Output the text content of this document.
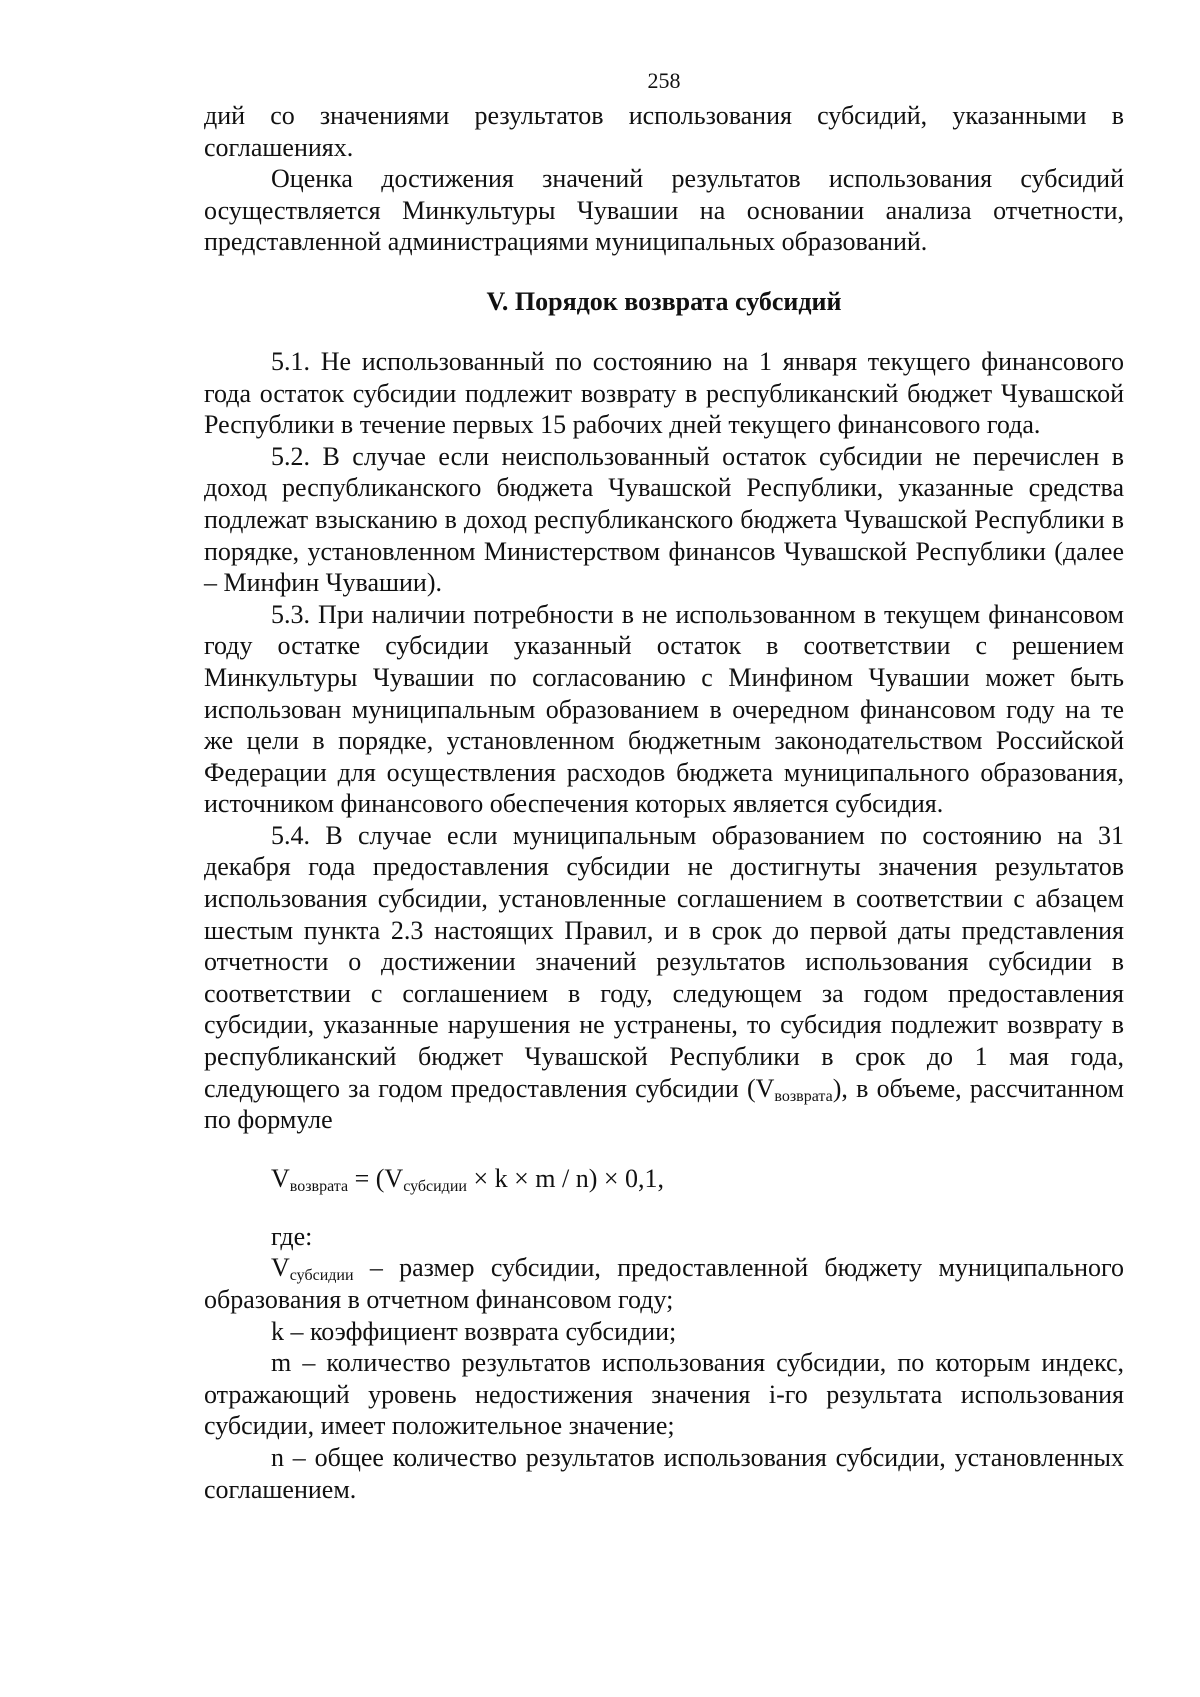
258

дий со значениями результатов использования субсидий, указанными в соглашениях.

Оценка достижения значений результатов использования субсидий осуществляется Минкультуры Чувашии на основании анализа отчетности, представленной администрациями муниципальных образований.

V. Порядок возврата субсидий

5.1. Не использованный по состоянию на 1 января текущего финансового года остаток субсидии подлежит возврату в республиканский бюджет Чувашской Республики в течение первых 15 рабочих дней текущего финансового года.

5.2. В случае если неиспользованный остаток субсидии не перечислен в доход республиканского бюджета Чувашской Республики, указанные средства подлежат взысканию в доход республиканского бюджета Чувашской Республики в порядке, установленном Министерством финансов Чувашской Республики (далее – Минфин Чувашии).

5.3. При наличии потребности в не использованном в текущем финансовом году остатке субсидии указанный остаток в соответствии с решением Минкультуры Чувашии по согласованию с Минфином Чувашии может быть использован муниципальным образованием в очередном финансовом году на те же цели в порядке, установленном бюджетным законодательством Российской Федерации для осуществления расходов бюджета муниципального образования, источником финансового обеспечения которых является субсидия.

5.4. В случае если муниципальным образованием по состоянию на 31 декабря года предоставления субсидии не достигнуты значения результатов использования субсидии, установленные соглашением в соответствии с абзацем шестым пункта 2.3 настоящих Правил, и в срок до первой даты представления отчетности о достижении значений результатов использования субсидии в соответствии с соглашением в году, следующем за годом предоставления субсидии, указанные нарушения не устранены, то субсидия подлежит возврату в республиканский бюджет Чувашской Республики в срок до 1 мая года, следующего за годом предоставления субсидии $(V_{возврата})$, в объеме, рассчитанном по формуле

$V_{возврата} = (V_{субсидии} \times k \times m / n) \times 0,1$,

где:

$V_{субсидии}$ – размер субсидии, предоставленной бюджету муниципального образования в отчетном финансовом году;

k – коэффициент возврата субсидии;

m – количество результатов использования субсидии, по которым индекс, отражающий уровень недостижения значения i-го результата использования субсидии, имеет положительное значение;

n – общее количество результатов использования субсидии, установленных соглашением.
